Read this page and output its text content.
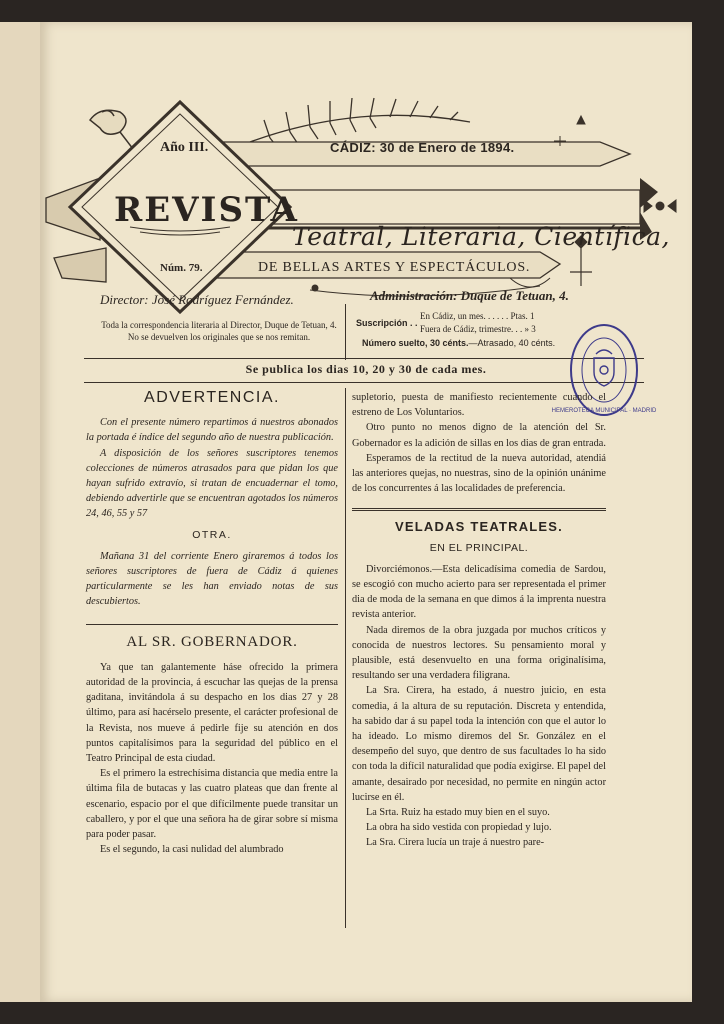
Año III.	CÁDIZ: 30 de Enero de 1894.
REVISTA
Teatral, Literaria, Científica,
Núm. 79.	DE BELLAS ARTES Y ESPECTÁCULOS.
Director: José Rodríguez Fernández.	Administración: Duque de Tetuan, 4.

Toda la correspondencia literaria al Director, Duque de Tetuan, 4.

No se devuelven los originales que se nos remitan.

Suscripción . .
En Cádiz, un mes. . . . . . Ptas. 1
Fuera de Cádiz, trimestre. . . » 3
Número suelto, 30 cénts.—Atrasado, 40 cénts.
Se publica los dias 10, 20 y 30 de cada mes.
HEMEROTECA MUNICIPAL · MADRID
ADVERTENCIA.

Con el presente número repartimos á nuestros abonados la portada é índice del segundo año de nuestra publicación.

A disposición de los señores suscriptores tenemos colecciones de números atrasados para que pidan los que hayan sufrido extravío, si tratan de encuadernar el tomo, debiendo advertirle que se encuentran agotados los números 24, 46, 55 y 57

OTRA.

Mañana 31 del corriente Enero giraremos á todos los señores suscriptores de fuera de Cádiz á quienes particularmente se les han enviado notas de sus descubiertos.

AL SR. GOBERNADOR.

Ya que tan galantemente háse ofrecido la primera autoridad de la provincia, á escuchar las quejas de la prensa gaditana, invitándola á su despacho en los dias 27 y 28 último, para así hacérselo presente, el carácter profesional de la Revista, nos mueve á pedirle fije su atención en dos puntos capitalísimos para la seguridad del público en el Teatro Principal de esta ciudad.

Es el primero la estrechísima distancia que media entre la última fila de butacas y las cuatro plateas que dan frente al escenario, espacio por el que difícilmente puede transitar un caballero, y por el que una señora ha de girar sobre sí misma para poder pasar.

Es el segundo, la casi nulidad del alumbrado

supletorio, puesta de manifiesto recientemente cuando el estreno de Los Voluntarios.

Otro punto no menos digno de la atención del Sr. Gobernador es la adición de sillas en los dias de gran entrada.

Esperamos de la rectitud de la nueva autoridad, atendiá las anteriores quejas, no nuestras, sino de la opinión unánime de los concurrentes á las localidades de preferencia.

VELADAS TEATRALES.
EN EL PRINCIPAL.

Divorciémonos.—Esta delicadísima comedia de Sardou, se escogió con mucho acierto para ser representada el primer dia de moda de la semana en que dimos á la imprenta nuestra revista anterior.

Nada diremos de la obra juzgada por muchos críticos y conocida de nuestros lectores. Su pensamiento moral y plausible, está desenvuelto en una forma originalísima, resultando ser una verdadera filigrana.

La Sra. Cirera, ha estado, á nuestro juicio, en esta comedia, á la altura de su reputación. Discreta y entendida, ha sabido dar á su papel toda la intención con que el autor lo ha ideado. Lo mismo diremos del Sr. González en el desempeño del suyo, que dentro de sus facultades lo ha sido con toda la difícil naturalidad que podía exigirse. El papel del amante, desairado por necesidad, no permite en ningún actor lucirse en él.

La Srta. Ruiz ha estado muy bien en el suyo.

La obra ha sido vestida con propiedad y lujo.

La Sra. Cirera lucía un traje á nuestro pare-
